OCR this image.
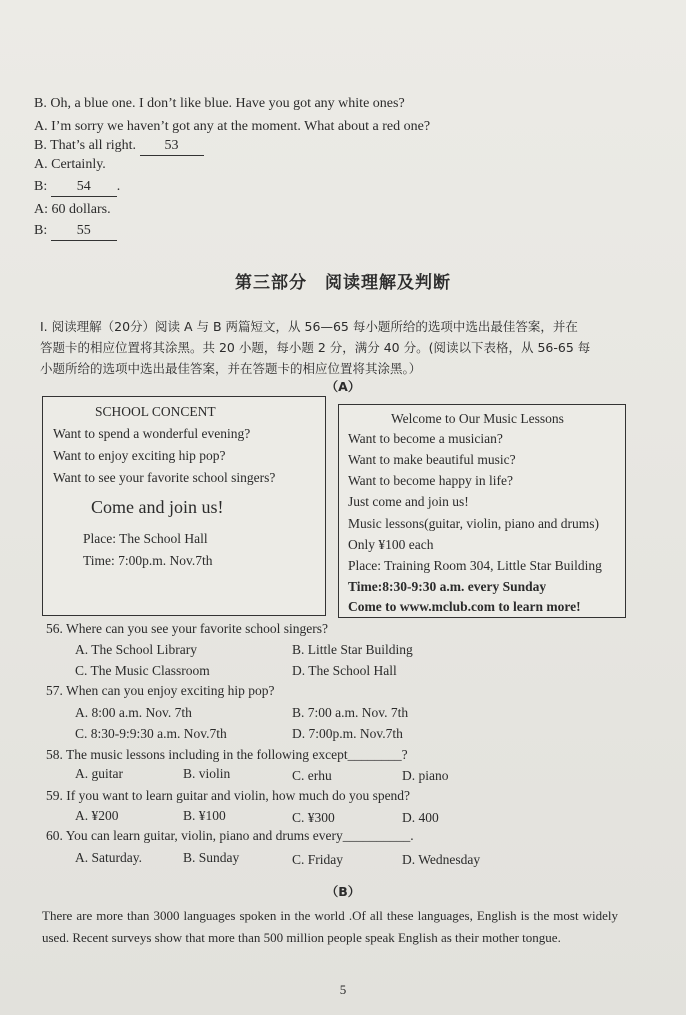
B. Oh, a blue one. I don’t like blue. Have you got any white ones?
A. I’m sorry we haven’t got any at the moment. What about a red one?
B. That’s all right. 53
A. Certainly.
B: 54 .
A: 60 dollars.
B: 55
第三部分　阅读理解及判断
Ⅰ. 阅读理解（20分）阅读 A 与 B 两篇短文，从 56—65 每小题所给的选项中选出最佳答案，并在
答题卡的相应位置将其涂黑。共 20 小题，每小题 2 分，满分 40 分。(阅读以下表格，从 56-65 每
小题所给的选项中选出最佳答案，并在答题卡的相应位置将其涂黑。）
（A）
SCHOOL CONCENT
Want to spend a wonderful evening?
Want to enjoy exciting hip pop?
Want to see your favorite school singers?
Come and join us!
Place: The School Hall
Time: 7:00p.m. Nov.7th
Welcome to Our Music Lessons
Want to become a musician?
Want to make beautiful music?
Want to become happy in life?
Just come and join us!
Music lessons(guitar, violin, piano and drums)
Only ¥100 each
Place: Training Room 304, Little Star Building
Time:8:30-9:30 a.m. every Sunday
Come to www.mclub.com to learn more!
56. Where can you see your favorite school singers?
A. The School Library	B. Little Star Building
C. The Music Classroom	D. The School Hall
57. When can you enjoy exciting hip pop?
A. 8:00 a.m. Nov. 7th	B. 7:00 a.m. Nov. 7th
C. 8:30-9:9:30 a.m. Nov.7th	D. 7:00p.m. Nov.7th
58. The music lessons including in the following except________?
A. guitar	B. violin	C. erhu	D. piano
59. If you want to learn guitar and violin, how much do you spend?
A. ¥200	B. ¥100	C. ¥300	D. 400
60. You can learn guitar, violin, piano and drums every__________.
A. Saturday.	B. Sunday	C. Friday	D. Wednesday
（B）
There are more than 3000 languages spoken in the world .Of all these languages, English is the most widely used. Recent surveys show that more than 500 million people speak English as their mother tongue.
5
